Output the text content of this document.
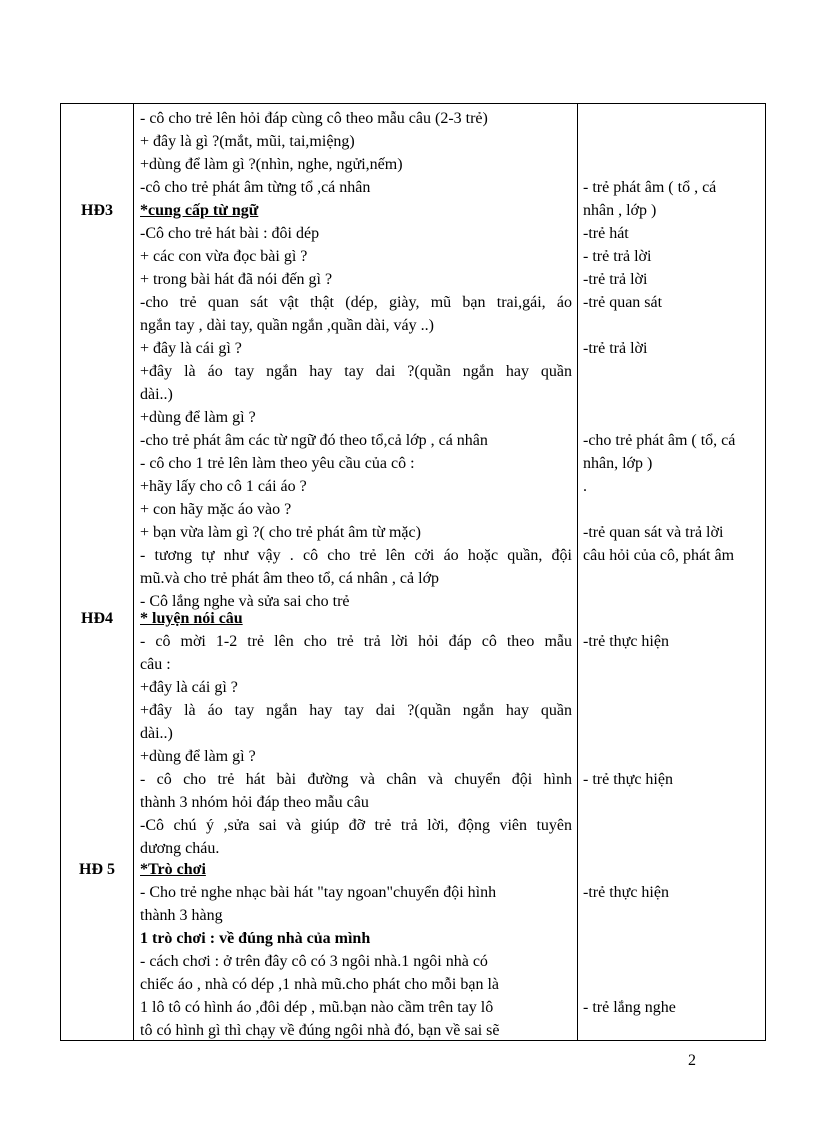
HĐ3
HĐ4
HĐ 5
- cô cho trẻ lên hỏi đáp cùng cô theo mẫu câu (2-3 trẻ)
+ đây là gì ?(mắt, mũi, tai,miệng)
+dùng để làm gì ?(nhìn, nghe, ngửi,nếm)
-cô cho trẻ phát âm từng tổ ,cá nhân
*cung cấp từ ngữ
-Cô cho trẻ hát bài : đôi dép
+ các con vừa đọc bài gì ?
+ trong bài hát đã nói đến gì ?
-cho trẻ quan sát vật thật (dép, giày, mũ bạn trai,gái, áo
ngắn tay , dài tay, quần ngắn ,quần dài, váy ..)
+ đây là cái gì ?
+đây là áo tay ngắn hay tay dai ?(quần ngắn hay quần
dài..)
+dùng để làm gì ?
-cho trẻ phát âm các từ ngữ đó theo tổ,cả lớp , cá nhân
- cô cho 1 trẻ lên làm theo yêu cầu của cô :
+hãy lấy cho cô 1 cái áo ?
+ con hãy mặc áo vào ?
+ bạn vừa làm gì ?( cho trẻ phát âm từ mặc)
- tương tự như vậy . cô cho trẻ lên cởi áo hoặc quần, đội
mũ.và cho trẻ phát âm theo tổ, cá nhân , cả lớp
- Cô lắng nghe và sửa sai cho trẻ
* luyện nói câu
- cô mời 1-2 trẻ lên cho trẻ trả lời hỏi đáp cô theo mẫu
câu :
+đây là cái gì ?
+đây là áo tay ngắn hay tay dai ?(quần ngắn hay quần
dài..)
+dùng để làm gì ?
- cô cho trẻ hát bài đường và chân và chuyển đội hình
thành 3 nhóm hỏi đáp theo mẫu câu
-Cô chú ý ,sửa sai và giúp đỡ trẻ trả lời, động viên tuyên
dương cháu.
*Trò chơi
- Cho trẻ nghe nhạc bài hát "tay ngoan"chuyển đội hình
thành 3 hàng
1 trò chơi : về đúng nhà của mình
- cách chơi : ở trên đây cô có 3 ngôi nhà.1 ngôi nhà có
chiếc áo , nhà có dép ,1 nhà mũ.cho phát cho mỗi bạn là
1 lô tô có hình áo ,đôi dép , mũ.bạn nào cầm trên tay lô
tô có hình gì thì chạy về đúng ngôi nhà đó, bạn về sai sẽ
- trẻ phát âm ( tổ , cá
nhân , lớp )
-trẻ hát
- trẻ trả lời
-trẻ trả lời
-trẻ quan sát
-trẻ trả lời
-cho trẻ phát âm ( tổ, cá
nhân, lớp )
.
-trẻ quan sát và trả lời
câu hỏi của cô, phát âm
-trẻ thực hiện
- trẻ thực hiện
-trẻ thực hiện
- trẻ lắng nghe
2
